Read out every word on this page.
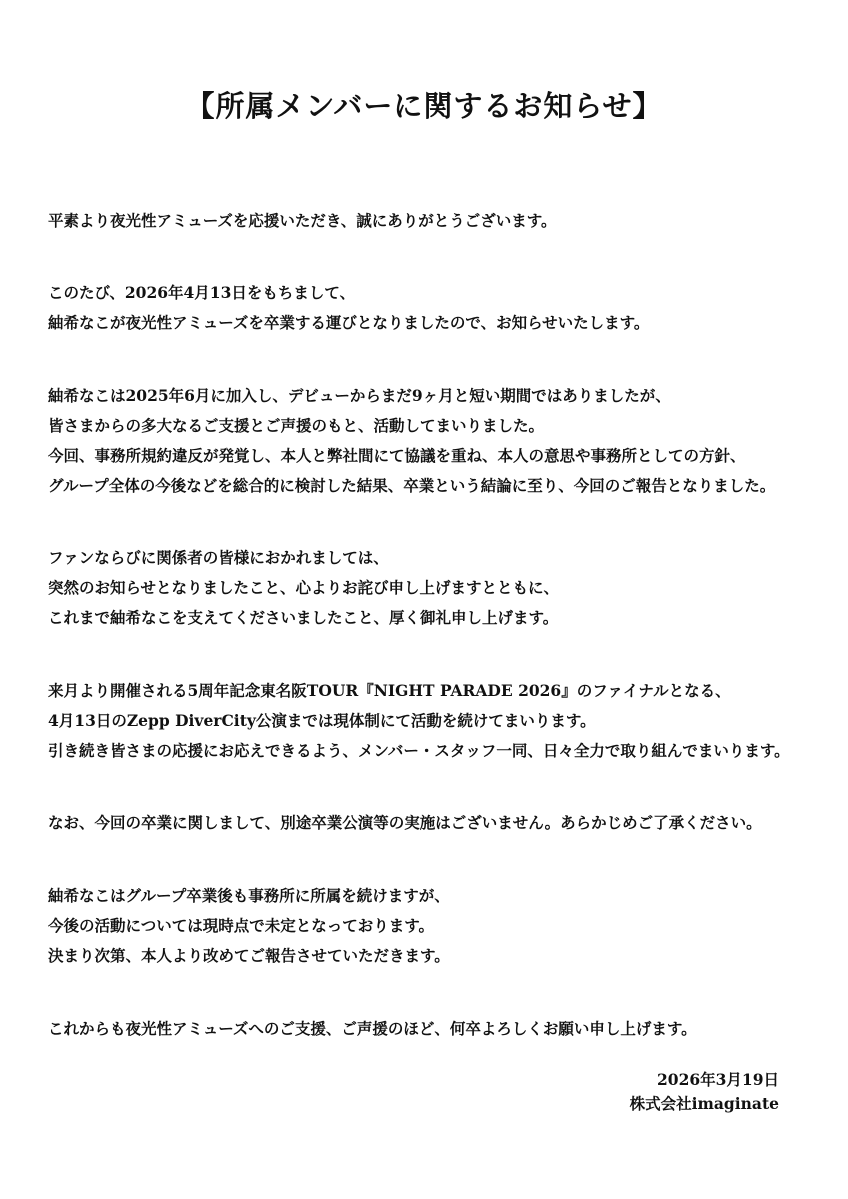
【所属メンバーに関するお知らせ】
平素より夜光性アミューズを応援いただき、誠にありがとうございます。
このたび、2026年4月13日をもちまして、
紬希なこが夜光性アミューズを卒業する運びとなりましたので、お知らせいたします。
紬希なこは2025年6月に加入し、デビューからまだ9ヶ月と短い期間ではありましたが、
皆さまからの多大なるご支援とご声援のもと、活動してまいりました。
今回、事務所規約違反が発覚し、本人と弊社間にて協議を重ね、本人の意思や事務所としての方針、
グループ全体の今後などを総合的に検討した結果、卒業という結論に至り、今回のご報告となりました。
ファンならびに関係者の皆様におかれましては、
突然のお知らせとなりましたこと、心よりお詫び申し上げますとともに、
これまで紬希なこを支えてくださいましたこと、厚く御礼申し上げます。
来月より開催される5周年記念東名阪TOUR『NIGHT PARADE 2026』のファイナルとなる、
4月13日のZepp DiverCity公演までは現体制にて活動を続けてまいります。
引き続き皆さまの応援にお応えできるよう、メンバー・スタッフ一同、日々全力で取り組んでまいります。
なお、今回の卒業に関しまして、別途卒業公演等の実施はございません。あらかじめご了承ください。
紬希なこはグループ卒業後も事務所に所属を続けますが、
今後の活動については現時点で未定となっております。
決まり次第、本人より改めてご報告させていただきます。
これからも夜光性アミューズへのご支援、ご声援のほど、何卒よろしくお願い申し上げます。
2026年3月19日
株式会社imaginate
